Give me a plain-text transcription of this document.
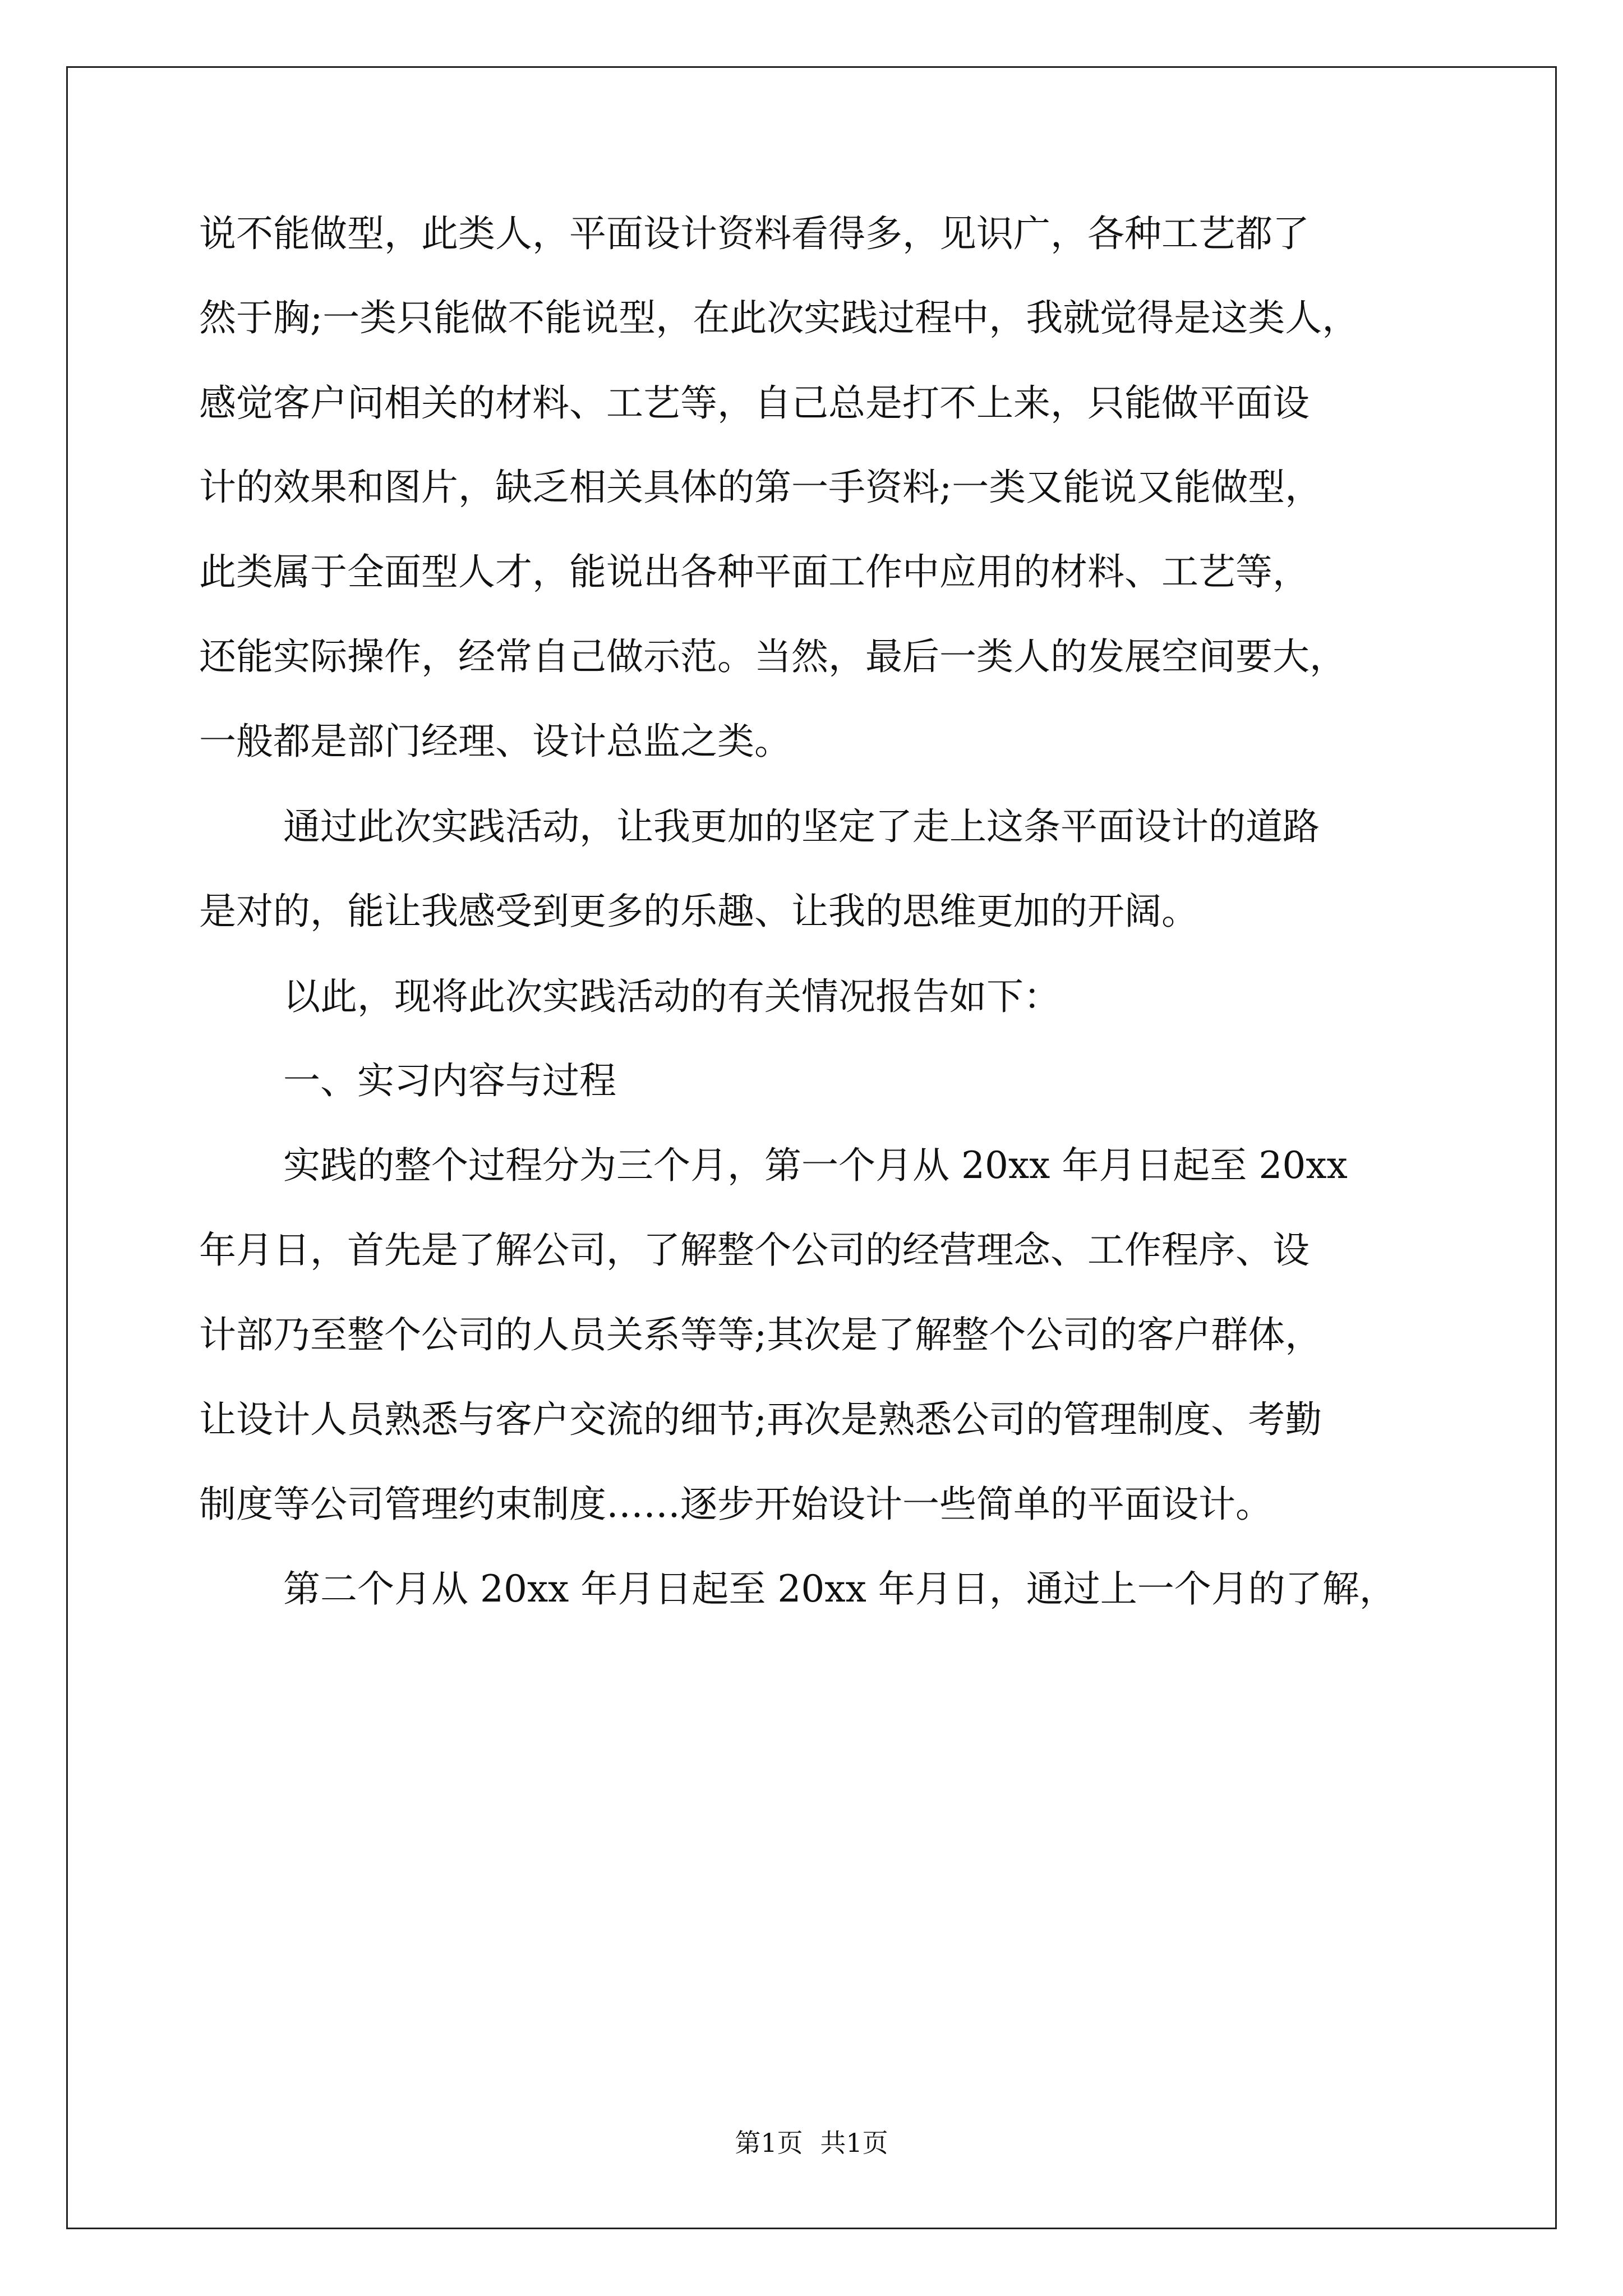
说不能做型，此类人，平面设计资料看得多，见识广，各种工艺都了
然于胸;一类只能做不能说型，在此次实践过程中，我就觉得是这类人，
感觉客户问相关的材料、工艺等，自己总是打不上来，只能做平面设
计的效果和图片，缺乏相关具体的第一手资料;一类又能说又能做型，
此类属于全面型人才，能说出各种平面工作中应用的材料、工艺等，
还能实际操作，经常自己做示范。当然，最后一类人的发展空间要大，
一般都是部门经理、设计总监之类。
通过此次实践活动，让我更加的坚定了走上这条平面设计的道路
是对的，能让我感受到更多的乐趣、让我的思维更加的开阔。
以此，现将此次实践活动的有关情况报告如下：
一、实习内容与过程
实践的整个过程分为三个月，第一个月从 20xx 年月日起至 20xx
年月日，首先是了解公司，了解整个公司的经营理念、工作程序、设
计部乃至整个公司的人员关系等等;其次是了解整个公司的客户群体，
让设计人员熟悉与客户交流的细节;再次是熟悉公司的管理制度、考勤
制度等公司管理约束制度……逐步开始设计一些简单的平面设计。
第二个月从 20xx 年月日起至 20xx 年月日，通过上一个月的了解，
第1页 共1页
